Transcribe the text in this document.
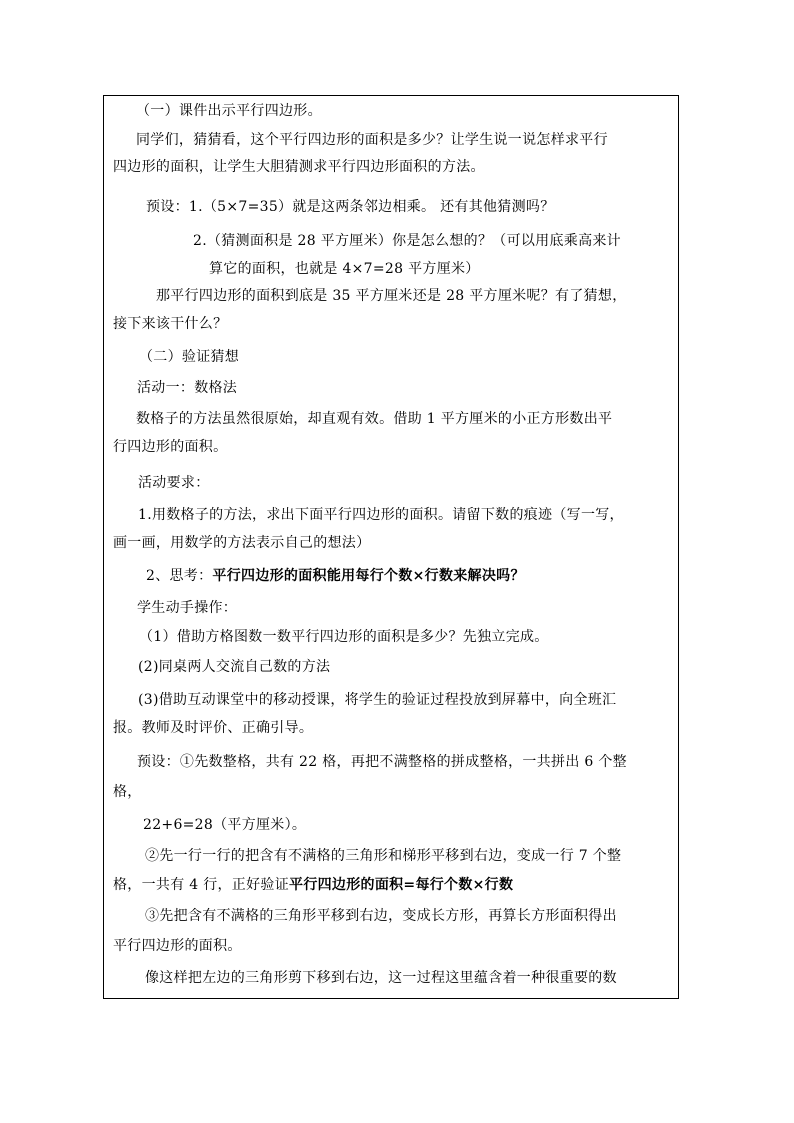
（一）课件出示平行四边形。
同学们，猜猜看，这个平行四边形的面积是多少？让学生说一说怎样求平行
四边形的面积，让学生大胆猜测求平行四边形面积的方法。
预设：1.（5×7=35）就是这两条邻边相乘。 还有其他猜测吗？
2.（猜测面积是 28 平方厘米）你是怎么想的？（可以用底乘高来计
算它的面积，也就是 4×7=28 平方厘米）
那平行四边形的面积到底是 35 平方厘米还是 28 平方厘米呢？有了猜想，
接下来该干什么？
（二）验证猜想
活动一：数格法
数格子的方法虽然很原始，却直观有效。借助 1 平方厘米的小正方形数出平
行四边形的面积。
活动要求：
1.用数格子的方法，求出下面平行四边形的面积。请留下数的痕迹（写一写，
画一画，用数学的方法表示自己的想法）
2、思考：平行四边形的面积能用每行个数×行数来解决吗？
学生动手操作：
（1）借助方格图数一数平行四边形的面积是多少？先独立完成。
(2)同桌两人交流自己数的方法
(3)借助互动课堂中的移动授课，将学生的验证过程投放到屏幕中，向全班汇
报。教师及时评价、正确引导。
预设：①先数整格，共有 22 格，再把不满整格的拼成整格，一共拼出 6 个整
格，
22+6=28（平方厘米）。
②先一行一行的把含有不满格的三角形和梯形平移到右边，变成一行 7 个整
格，一共有 4 行，正好验证平行四边形的面积=每行个数×行数
③先把含有不满格的三角形平移到右边，变成长方形，再算长方形面积得出
平行四边形的面积。
像这样把左边的三角形剪下移到右边，这一过程这里蕴含着一种很重要的数
